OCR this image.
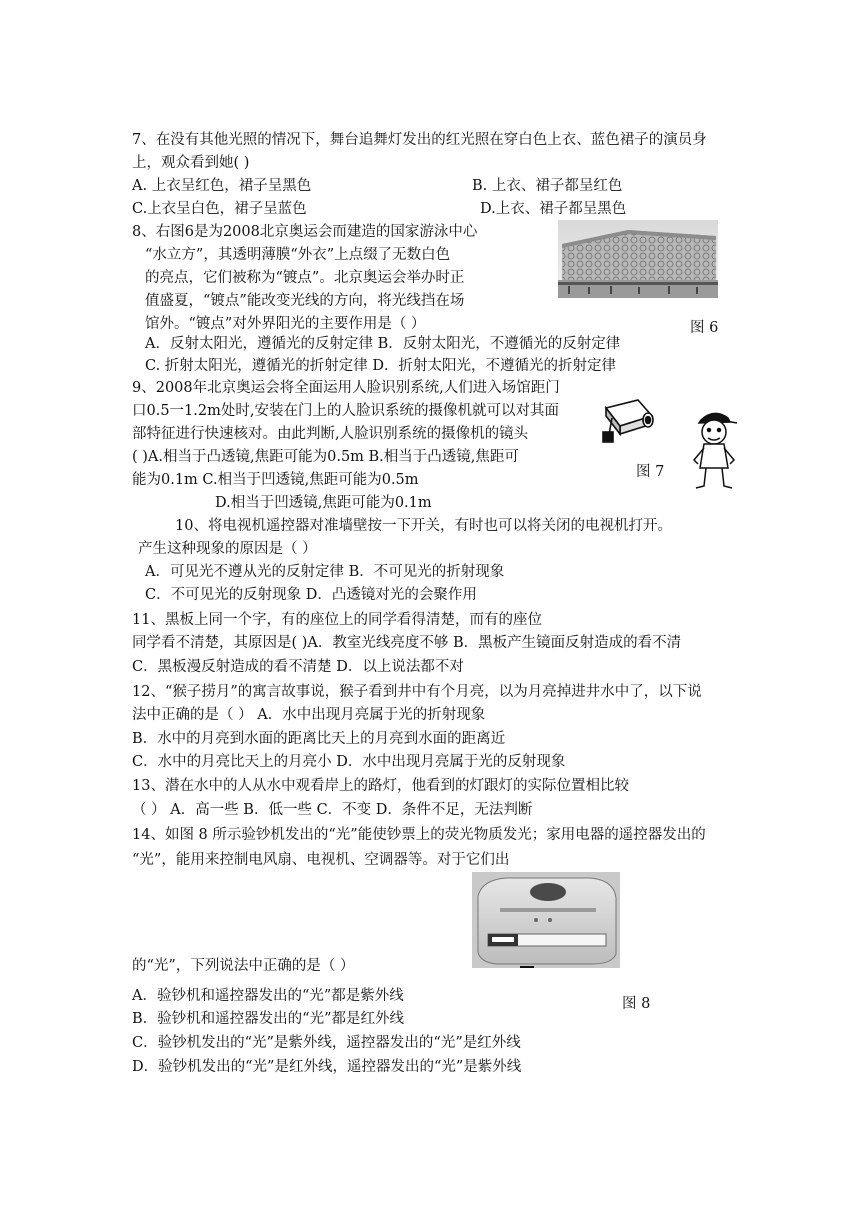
7、在没有其他光照的情况下，舞台追舞灯发出的红光照在穿白色上衣、蓝色裙子的演员身
上，观众看到她( )
A. 上衣呈红色，裙子呈黑色	B. 上衣、裙子都呈红色
C.上衣呈白色，裙子呈蓝色	D.上衣、裙子都呈黑色
8、右图6是为2008北京奥运会而建造的国家游泳中心
“水立方”，其透明薄膜“外衣”上点缀了无数白色
的亮点，它们被称为“镀点”。北京奥运会举办时正
值盛夏，“镀点”能改变光线的方向，将光线挡在场
馆外。“镀点”对外界阳光的主要作用是（ ）
A．反射太阳光，遵循光的反射定律 B．反射太阳光，不遵循光的反射定律
C. 折射太阳光，遵循光的折射定律 D．折射太阳光，不遵循光的折射定律
图 6
9、2008年北京奥运会将全面运用人脸识别系统,人们进入场馆距门
口0.5一1.2m处时,安装在门上的人脸识系统的摄像机就可以对其面
部特征进行快速核对。由此判断,人脸识别系统的摄像机的镜头
( )A.相当于凸透镜,焦距可能为0.5m B.相当于凸透镜,焦距可
能为0.1m C.相当于凹透镜,焦距可能为0.5m
D.相当于凹透镜,焦距可能为0.1m
图 7
10、将电视机遥控器对准墙壁按一下开关，有时也可以将关闭的电视机打开。
产生这种现象的原因是（ ）
A．可见光不遵从光的反射定律 B．不可见光的折射现象
C．不可见光的反射现象 D．凸透镜对光的会聚作用
11、黑板上同一个字，有的座位上的同学看得清楚，而有的座位
同学看不清楚，其原因是( )A．教室光线亮度不够 B．黑板产生镜面反射造成的看不清
C．黑板漫反射造成的看不清楚 D．以上说法都不对
12、“猴子捞月”的寓言故事说，猴子看到井中有个月亮，以为月亮掉进井水中了，以下说
法中正确的是（ ） A．水中出现月亮属于光的折射现象
B．水中的月亮到水面的距离比天上的月亮到水面的距离近
C．水中的月亮比天上的月亮小 D．水中出现月亮属于光的反射现象
13、潜在水中的人从水中观看岸上的路灯，他看到的灯跟灯的实际位置相比较
（ ） A．高一些 B．低一些 C．不变 D．条件不足，无法判断
14、如图 8 所示验钞机发出的“光”能使钞票上的荧光物质发光；家用电器的遥控器发出的
“光”，能用来控制电风扇、电视机、空调器等。对于它们出
的“光”，下列说法中正确的是（ ）
图 8
A．验钞机和遥控器发出的“光”都是紫外线
B．验钞机和遥控器发出的“光”都是红外线
C．验钞机发出的“光”是紫外线，遥控器发出的“光”是红外线
D．验钞机发出的“光”是红外线，遥控器发出的“光”是紫外线
